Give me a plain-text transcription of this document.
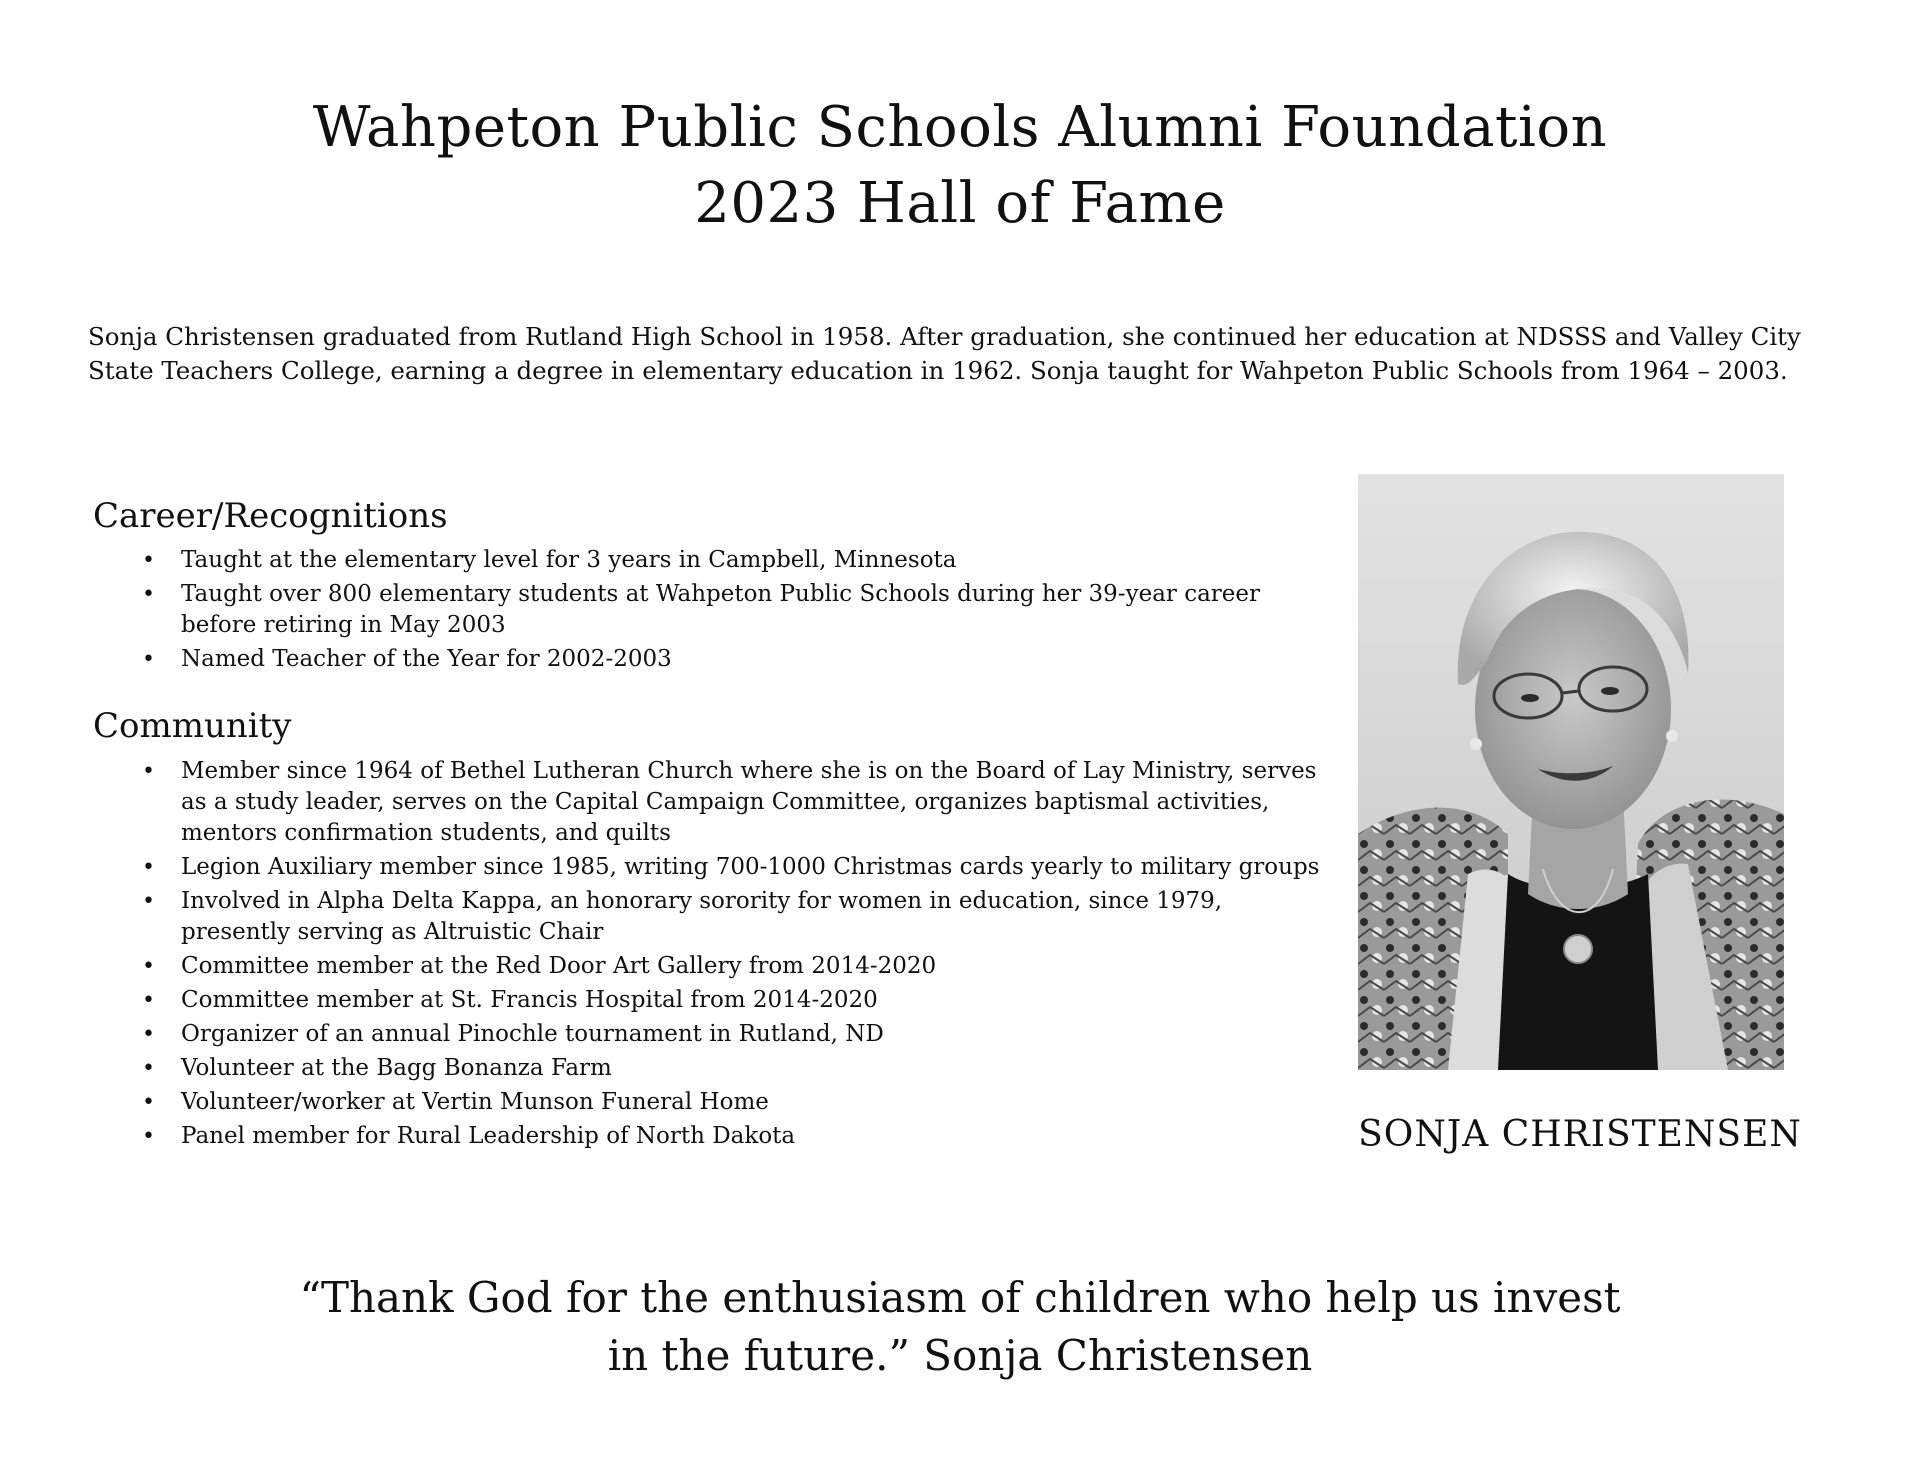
Wahpeton Public Schools Alumni Foundation
2023 Hall of Fame

Sonja Christensen graduated from Rutland High School in 1958. After graduation, she continued her education at NDSSS and Valley City State Teachers College, earning a degree in elementary education in 1962. Sonja taught for Wahpeton Public Schools from 1964 – 2003.

Career/Recognitions
• Taught at the elementary level for 3 years in Campbell, Minnesota
• Taught over 800 elementary students at Wahpeton Public Schools during her 39-year career before retiring in May 2003
• Named Teacher of the Year for 2002-2003
Community
• Member since 1964 of Bethel Lutheran Church where she is on the Board of Lay Ministry, serves as a study leader, serves on the Capital Campaign Committee, organizes baptismal activities, mentors confirmation students, and quilts
• Legion Auxiliary member since 1985, writing 700-1000 Christmas cards yearly to military groups
• Involved in Alpha Delta Kappa, an honorary sorority for women in education, since 1979, presently serving as Altruistic Chair
• Committee member at the Red Door Art Gallery from 2014-2020
• Committee member at St. Francis Hospital from 2014-2020
• Organizer of an annual Pinochle tournament in Rutland, ND
• Volunteer at the Bagg Bonanza Farm
• Volunteer/worker at Vertin Munson Funeral Home
• Panel member for Rural Leadership of North Dakota	SONJA CHRISTENSEN

“Thank God for the enthusiasm of children who help us invest

in the future.” Sonja Christensen
